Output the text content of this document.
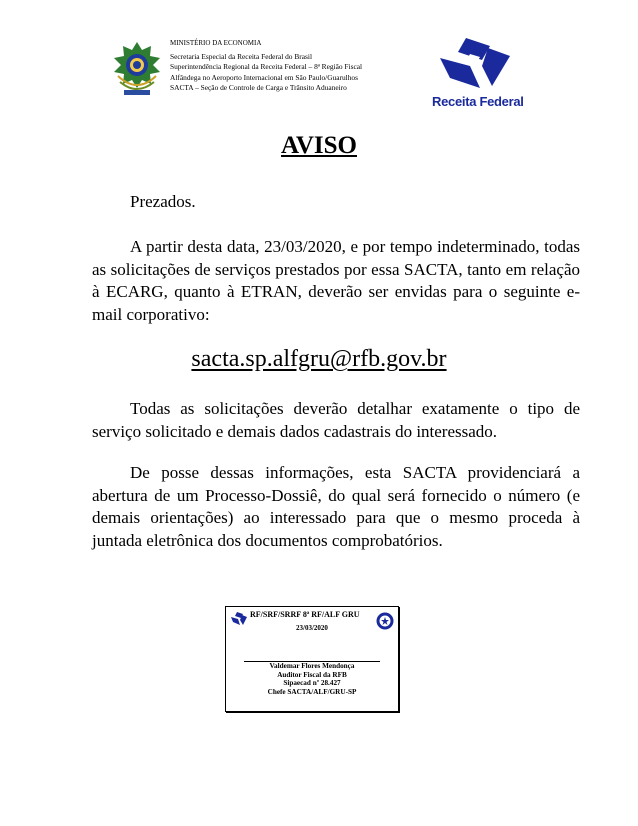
MINISTÉRIO DA ECONOMIA
Secretaria Especial da Receita Federal do Brasil
Superintendência Regional da Receita Federal – 8ª Região Fiscal
Alfândega no Aeroporto Internacional em São Paulo/Guarulhos
SACTA – Seção de Controle de Carga e Trânsito Aduaneiro
Receita Federal
AVISO

Prezados.

A partir desta data, 23/03/2020, e por tempo indeterminado, todas as solicitações de serviços prestados por essa SACTA, tanto em relação à ECARG, quanto à ETRAN, deverão ser envidas para o seguinte e-mail corporativo:

sacta.sp.alfgru@rfb.gov.br

Todas as solicitações deverão detalhar exatamente o tipo de serviço solicitado e demais dados cadastrais do interessado.

De posse dessas informações, esta SACTA providenciará a abertura de um Processo-Dossiê, do qual será fornecido o número (e demais orientações) ao interessado para que o mesmo proceda à juntada eletrônica dos documentos comprobatórios.

RF/SRF/SRRF 8ª RF/ALF GRU
23/03/2020
Valdemar Flores Mendonça
Auditor Fiscal da RFB
Sipaecad nº 28.427
Chefe SACTA/ALF/GRU-SP
